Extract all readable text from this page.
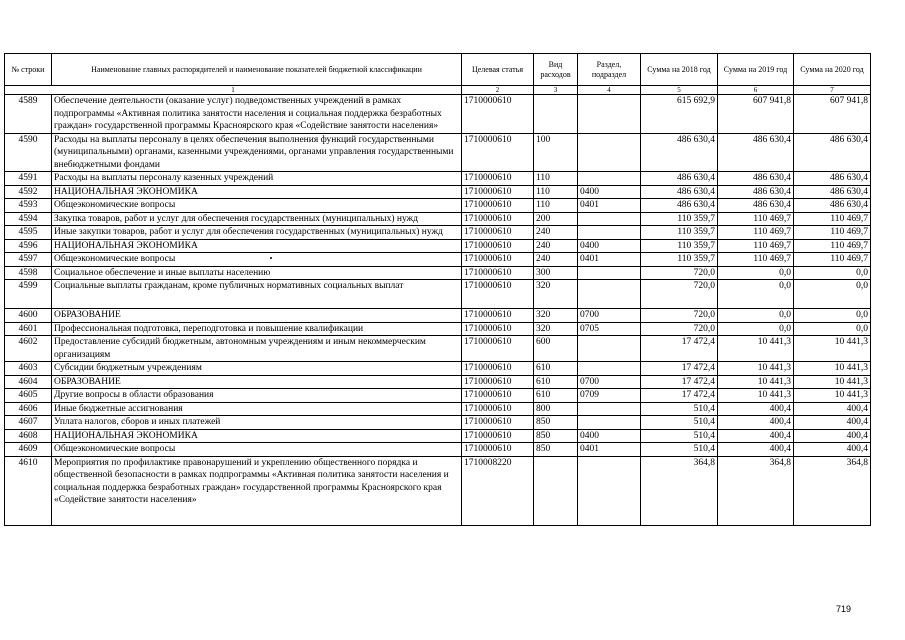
№ строки	Наименование главных распорядителей и наименование показателей бюджетной классификации	Целевая статья	Вид расходов	Раздел, подраздел	Сумма на 2018 год	Сумма на 2019 год	Сумма на 2020 год
1		2	3	4	5	6	7
4589	Обеспечение деятельности (оказание услуг) подведомственных учреждений в рамках подпрограммы «Активная политика занятости населения и социальная поддержка безработных граждан» государственной программы Красноярского края «Содействие занятости населения»	1710000610			615 692,9	607 941,8	607 941,8
4590	Расходы на выплаты персоналу в целях обеспечения выполнения функций государственными (муниципальными) органами, казенными учреждениями, органами управления государственными внебюджетными фондами	1710000610	100		486 630,4	486 630,4	486 630,4
4591	Расходы на выплаты персоналу казенных учреждений	1710000610	110		486 630,4	486 630,4	486 630,4
4592	НАЦИОНАЛЬНАЯ ЭКОНОМИКА	1710000610	110	0400	486 630,4	486 630,4	486 630,4
4593	Общеэкономические вопросы	1710000610	110	0401	486 630,4	486 630,4	486 630,4
4594	Закупка товаров, работ и услуг для обеспечения государственных (муниципальных) нужд	1710000610	200		110 359,7	110 469,7	110 469,7
4595	Иные закупки товаров, работ и услуг для обеспечения государственных (муниципальных) нужд	1710000610	240		110 359,7	110 469,7	110 469,7
4596	НАЦИОНАЛЬНАЯ ЭКОНОМИКА	1710000610	240	0400	110 359,7	110 469,7	110 469,7
4597	Общеэкономические вопросы	1710000610	240	0401	110 359,7	110 469,7	110 469,7
4598	Социальное обеспечение и иные выплаты населению	1710000610	300		720,0	0,0	0,0
4599	Социальные выплаты гражданам, кроме публичных нормативных социальных выплат	1710000610	320		720,0	0,0	0,0
4600	ОБРАЗОВАНИЕ	1710000610	320	0700	720,0	0,0	0,0
4601	Профессиональная подготовка, переподготовка и повышение квалификации	1710000610	320	0705	720,0	0,0	0,0
4602	Предоставление субсидий бюджетным, автономным учреждениям и иным некоммерческим организациям	1710000610	600		17 472,4	10 441,3	10 441,3
4603	Субсидии бюджетным учреждениям	1710000610	610		17 472,4	10 441,3	10 441,3
4604	ОБРАЗОВАНИЕ	1710000610	610	0700	17 472,4	10 441,3	10 441,3
4605	Другие вопросы в области образования	1710000610	610	0709	17 472,4	10 441,3	10 441,3
4606	Иные бюджетные ассигнования	1710000610	800		510,4	400,4	400,4
4607	Уплата налогов, сборов и иных платежей	1710000610	850		510,4	400,4	400,4
4608	НАЦИОНАЛЬНАЯ ЭКОНОМИКА	1710000610	850	0400	510,4	400,4	400,4
4609	Общеэкономические вопросы	1710000610	850	0401	510,4	400,4	400,4
4610	Мероприятия по профилактике правонарушений и укреплению общественного порядка и общественной безопасности в рамках подпрограммы «Активная политика занятости населения и социальная поддержка безработных граждан» государственной программы Красноярского края «Содействие занятости населения»	1710008220			364,8	364,8	364,8
719
